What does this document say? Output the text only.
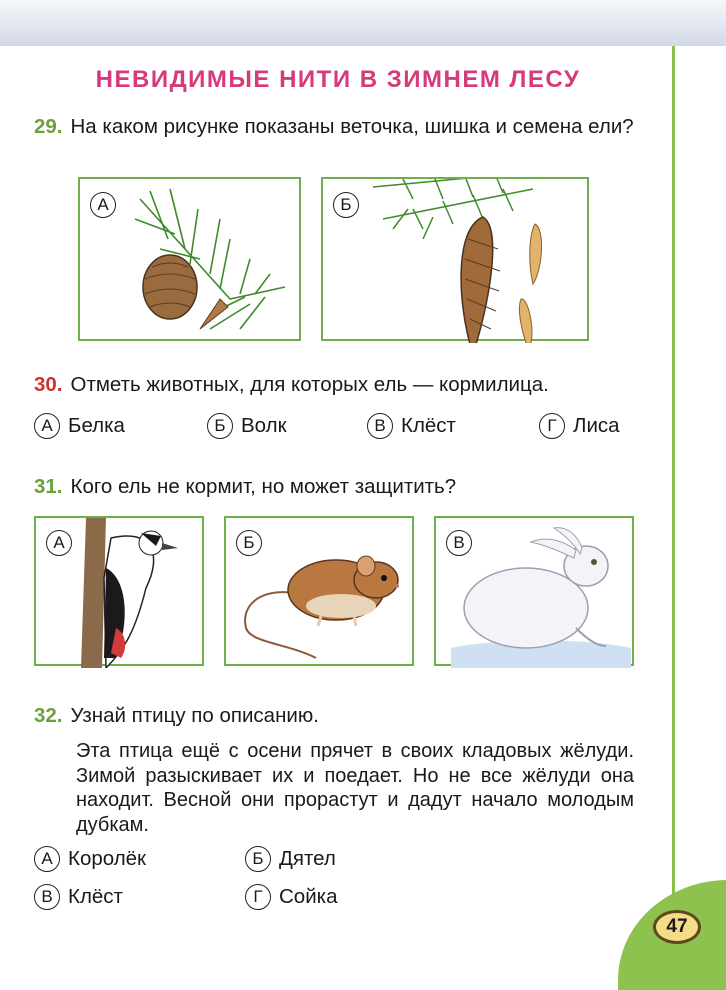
НЕВИДИМЫЕ НИТИ В ЗИМНЕМ ЛЕСУ
29. На каком рисунке показаны веточка, шишка и семена ели?
А	Б
30. Отметь животных, для которых ель — кормилица.
А Белка	Б Волк	В Клёст	Г Лиса
31. Кого ель не кормит, но может защитить?
А	Б	В
32. Узнай птицу по описанию.
Эта птица ещё с осени прячет в своих кладовых жёлуди. Зимой разыскивает их и поедает. Но не все жёлуди она находит. Весной они прорастут и дадут начало молодым дубкам.
А Королёк	Б Дятел
В Клёст	Г Сойка
47
